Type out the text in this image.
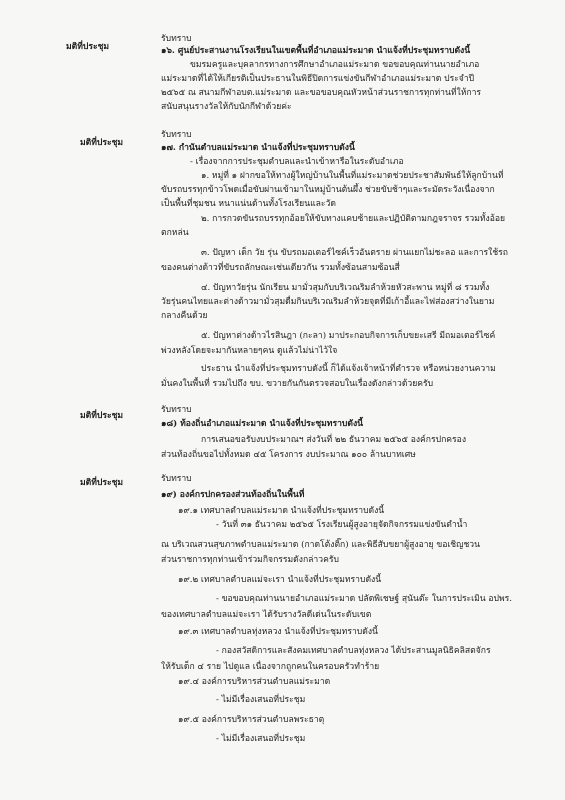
มติที่ประชุม
รับทราบ
๑๖. ศูนย์ประสานงานโรงเรียนในเขตพื้นที่อำเภอแม่ระมาด นำแจ้งที่ประชุมทราบดังนี้
ขมรมครูและบุคลากรทางการศึกษาอำเภอแม่ระมาด ขอขอบคุณท่านนายอำเภอ
แม่ระมาดที่ได้ให้เกียรติเป็นประธานในพิธีปิดการแข่งขันกีฬาอำเภอแม่ระมาด ประจำปี
๒๕๖๕ ณ สนามกีฬาอบต.แม่ระมาด และขอขอบคุณหัวหน้าส่วนราชการทุกท่านที่ให้การ
สนับสนุนรางวัลให้กับนักกีฬาด้วยค่ะ
มติที่ประชุม
รับทราบ
๑๗. กำนันตำบลแม่ระมาด นำแจ้งที่ประชุมทราบดังนี้
- เรื่องจากการประชุมตำบลและนำเข้าหารือในระดับอำเภอ
๑. หมู่ที่ ๑ ฝากขอให้ทางผู้ใหญ่บ้านในพื้นที่แม่ระมาดช่วยประชาสัมพันธ์ให้ลูกบ้านที่
ขับรถบรรทุกข้าวโพดเมื่อขับผ่านเข้ามาในหมู่บ้านต้นผึ้ง ช่วยขับช้าๆและระมัดระวังเนื่องจาก
เป็นพื้นที่ชุมชน หนาแน่นด้านทั้งโรงเรียนและวัด
๒. การกวดขันรถบรรทุกอ้อยให้ขับทางแคบซ้ายและปฏิบัติตามกฎจราจร รวมทั้งอ้อย
ตกหล่น
๓. ปัญหา เด็ก วัย รุ่น ขับรถมอเตอร์ไซค์เร็วอันตราย ผ่านแยกไม่ชะลอ และการใช้รถ
ของคนต่างด้าวที่ขับรถลักษณะเช่นเดียวกัน รวมทั้งซ้อนสามซ้อนสี่
๔. ปัญหาวัยรุ่น นักเรียน มามั่วสุมกับบริเวณริมลำห้วยหัวสะพาน หมู่ที่ ๘ รวมทั้ง
วัยรุ่นคนไทยและต่างด้าวมามั่วสุมดื่มกินบริเวณริมลำห้วยจุดที่มีเก้าอี้และไฟส่องสว่างในยาม
กลางคืนด้วย
๕. ปัญหาต่างด้าวไรสินฎา (กะลา) มาประกอบกิจการเก็บขยะเสรี มีถมอเตอร์ไซค์
พ่วงหลังโดยจะมากันหลายๆคน ดูแล้วไม่น่าไว้ใจ
ประธาน นำแจ้งที่ประชุมทราบดังนี้ ก็ได้แจ้งเจ้าหน้าที่ตำรวจ หรือหน่วยงานความ
มั่นคงในพื้นที่ รวมไปถึง ขบ. ขวายกันกันตรวจสอบในเรื่องดังกล่าวด้วยครับ
มติที่ประชุม
รับทราบ
๑๘) ท้องถิ่นอำเภอแม่ระมาด นำแจ้งที่ประชุมทราบดังนี้
การเสนอขอรับงบประมาณฯ ส่งวันที่ ๒๒ ธันวาคม ๒๕๖๕ องค์กรปกครอง
ส่วนท้องถิ่นขอไปทั้งหมด ๔๕ โครงการ งบประมาณ ๑๐๐ ล้านบาทเศษ
มติที่ประชุม	รับทราบ
๑๙) องค์กรปกครองส่วนท้องถิ่นในพื้นที่
๑๙.๑ เทศบาลตำบลแม่ระมาด นำแจ้งที่ประชุมทราบดังนี้
- วันที่ ๓๑ ธันวาคม ๒๕๖๕ โรงเรียนผู้สูงอายุจัดกิจกรรมแข่งขันตำน้ำ
ณ บริเวณสวนสุขภาพตำบลแม่ระมาด (กาดโต้งติ๊ก) และพิธีสับขยาผู้สูงอายุ ขอเชิญชวน
ส่วนราชการทุกท่านเข้าร่วมกิจกรรมดังกล่าวครับ
๑๙.๒ เทศบาลตำบลแม่จะเรา นำแจ้งที่ประชุมทราบดังนี้
- ขอขอบคุณท่านนายอำเภอแม่ระมาด ปลัดพิเชษฐ์ สุนันต๊ะ ในการประเมิน อปพร.
ของเทศบาลตำบลแม่จะเรา ได้รับรางวัลดีเด่นในระดับเขต
๑๙.๓ เทศบาลตำบลทุ่งหลวง นำแจ้งที่ประชุมทราบดังนี้
- กองสวัสดิการและสังคมเทศบาลตำบลทุ่งหลวง ได้ประสานมูลนิธิคลิสตจักร
ให้รับเด็ก ๔ ราย ไปดูแล เนื่องจากถูกคนในครอบครัวทำร้าย
๑๙.๔ องค์การบริหารส่วนตำบลแม่ระมาด
- ไม่มีเรื่องเสนอที่ประชุม
๑๙.๕ องค์การบริหารส่วนตำบลพระธาตุ
- ไม่มีเรื่องเสนอที่ประชุม
